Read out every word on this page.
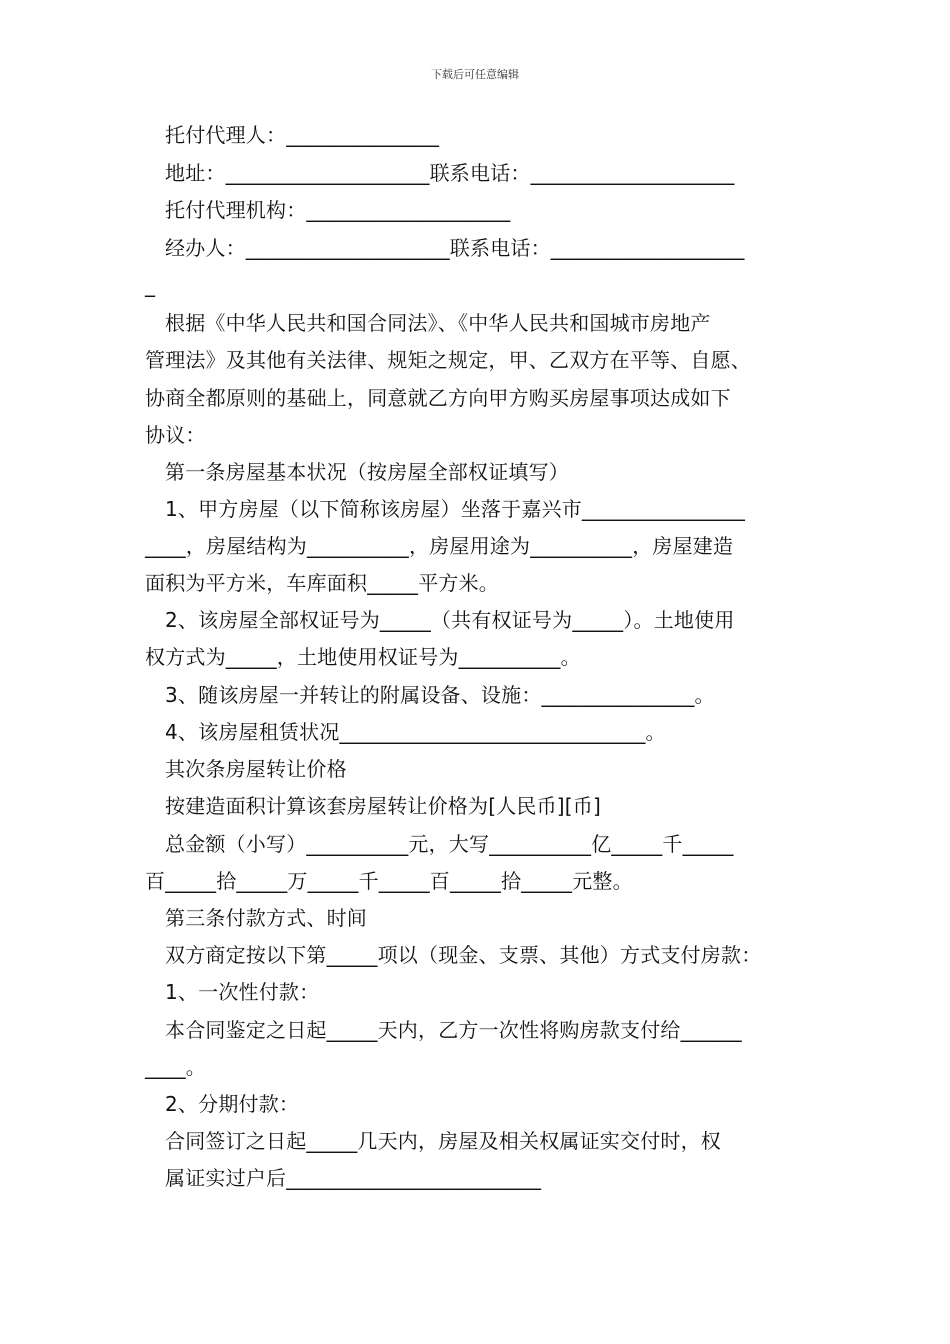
下载后可任意编辑
托付代理人：_______________
地址：____________________联系电话：____________________
托付代理机构：____________________
经办人：____________________联系电话：___________________
_
根据《中华人民共和国合同法》、《中华人民共和国城市房地产
管理法》及其他有关法律、规矩之规定，甲、乙双方在平等、自愿、
协商全都原则的基础上，同意就乙方向甲方购买房屋事项达成如下
协议：
第一条房屋基本状况（按房屋全部权证填写）
1、甲方房屋（以下简称该房屋）坐落于嘉兴市________________
____，房屋结构为__________，房屋用途为__________，房屋建造
面积为平方米，车库面积_____平方米。
2、该房屋全部权证号为_____（共有权证号为_____）。土地使用
权方式为_____，土地使用权证号为__________。
3、随该房屋一并转让的附属设备、设施：_______________。
4、该房屋租赁状况______________________________。
其次条房屋转让价格
按建造面积计算该套房屋转让价格为[人民币][币]
总金额（小写）__________元，大写__________亿_____千_____
百_____拾_____万_____千_____百_____拾_____元整。
第三条付款方式、时间
双方商定按以下第_____项以（现金、支票、其他）方式支付房款：
1、一次性付款：
本合同鉴定之日起_____天内，乙方一次性将购房款支付给______
____。
2、分期付款：
合同签订之日起_____几天内，房屋及相关权属证实交付时，权
属证实过户后_________________________
